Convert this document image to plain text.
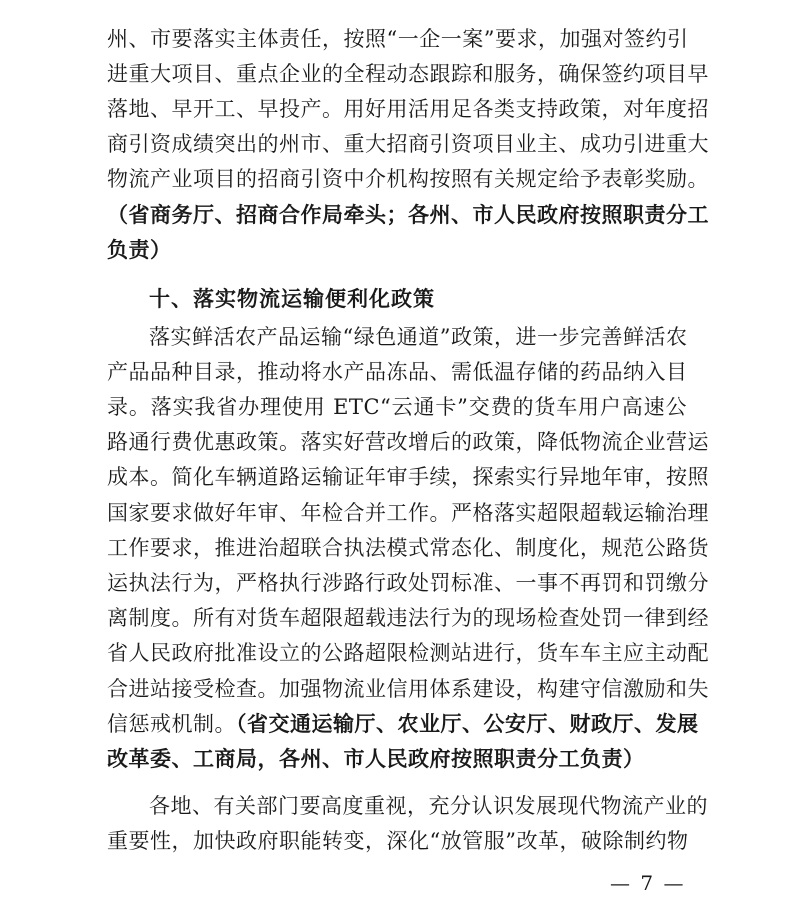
州、市要落实主体责任，按照“一企一案”要求，加强对签约引
进重大项目、重点企业的全程动态跟踪和服务，确保签约项目早
落地、早开工、早投产。用好用活用足各类支持政策，对年度招
商引资成绩突出的州市、重大招商引资项目业主、成功引进重大
物流产业项目的招商引资中介机构按照有关规定给予表彰奖励。
（省商务厅、招商合作局牵头；各州、市人民政府按照职责分工
负责）
十、落实物流运输便利化政策
落实鲜活农产品运输“绿色通道”政策，进一步完善鲜活农
产品品种目录，推动将水产品冻品、需低温存储的药品纳入目
录。落实我省办理使用 ETC“云通卡”交费的货车用户高速公
路通行费优惠政策。落实好营改增后的政策，降低物流企业营运
成本。简化车辆道路运输证年审手续，探索实行异地年审，按照
国家要求做好年审、年检合并工作。严格落实超限超载运输治理
工作要求，推进治超联合执法模式常态化、制度化，规范公路货
运执法行为，严格执行涉路行政处罚标准、一事不再罚和罚缴分
离制度。所有对货车超限超载违法行为的现场检查处罚一律到经
省人民政府批准设立的公路超限检测站进行，货车车主应主动配
合进站接受检查。加强物流业信用体系建设，构建守信激励和失
信惩戒机制。（省交通运输厅、农业厅、公安厅、财政厅、发展
改革委、工商局，各州、市人民政府按照职责分工负责）
各地、有关部门要高度重视，充分认识发展现代物流产业的
重要性，加快政府职能转变，深化“放管服”改革，破除制约物
— 7 —
